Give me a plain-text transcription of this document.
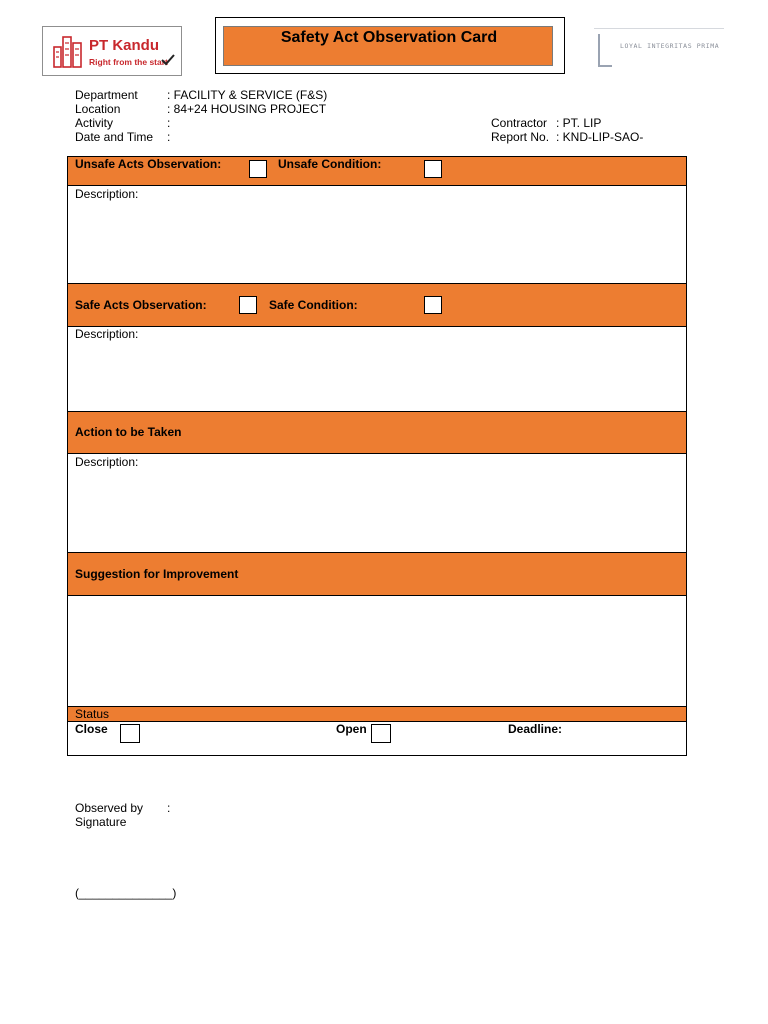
PT Kandu
Right from the start
Safety Act Observation Card	LOYAL INTEGRITAS PRIMA
Department : FACILITY & SERVICE (F&S)
Location	: 84+24 HOUSING PROJECT
Activity	:
Date and Time :
Contractor : PT. LIP
Report No. : KND-LIP-SAO-
Unsafe Acts Observation:	Unsafe Condition:
Description:
Safe Acts Observation:	Safe Condition:
Description:
Action to be Taken
Description:
Suggestion for Improvement
Status
Close	Open	Deadline:
Observed by :
Signature
(______________)
